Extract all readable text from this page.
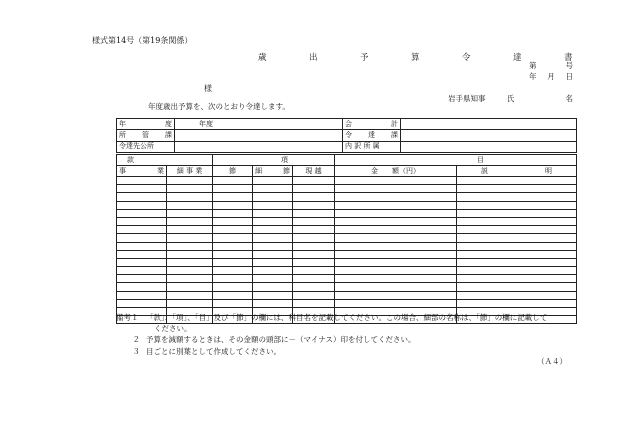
様式第14号（第19条関係）
歳　出　予　算　令　達　書
第	号
年 月 日
様
岩手県知事	氏	名
年度歳出予算を、次のとおり令達します。
年 度	年度	会 計	

所 管 課		令 達 課	

令達先公所		内 訳 所 属	
款		項			目	

事 業	細 事 業	節	細 節	現 越	金　　額（円）	説 明

備考１	「款」、「項」、「目」及び「節」の欄には、科目名を記載してください。この場合、細部の名称は、「節」の欄に記載して
ください。
２ 予算を減額するときは、その金額の頭部に－（マイナス）印を付してください。
３ 目ごとに別葉として作成してください。
（Ａ４）
